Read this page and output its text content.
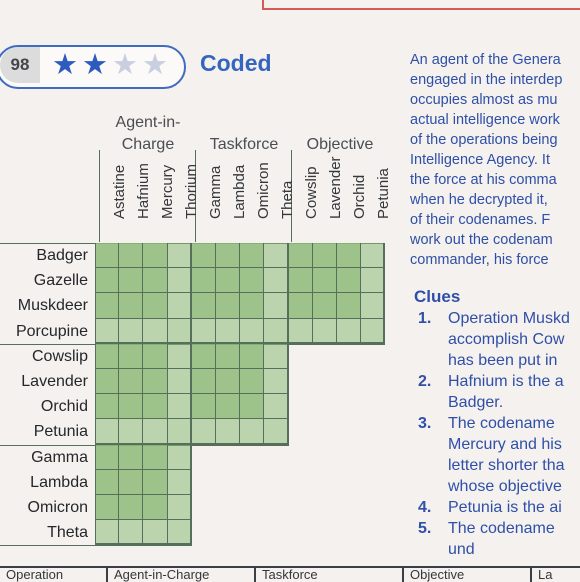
98 ★ ★ ★ ★ Coded
Agent-in-
Charge	Taskforce	Objective
Astatine Hafnium Mercury Thorium Gamma Lambda Omicron Theta Cowslip Lavender Orchid Petunia
Badger
Gazelle
Muskdeer
Porcupine
Cowslip
Lavender
Orchid
Petunia
Gamma
Lambda
Omicron
Theta
An agent of the Genera
engaged in the interdep
occupies almost as mu
actual intelligence work
of the operations being
Intelligence Agency. It
the force at his comma
when he decrypted it,
of their codenames. F
work out the codenam
commander, his force
Clues
1. Operation Muskd
accomplish Cow
has been put in
2. Hafnium is the a
Badger.
3. The codename
Mercury and his
letter shorter tha
whose objective
4. Petunia is the ai
5. The codename
und
Operation	Agent-in-Charge	Taskforce	Objective	La
